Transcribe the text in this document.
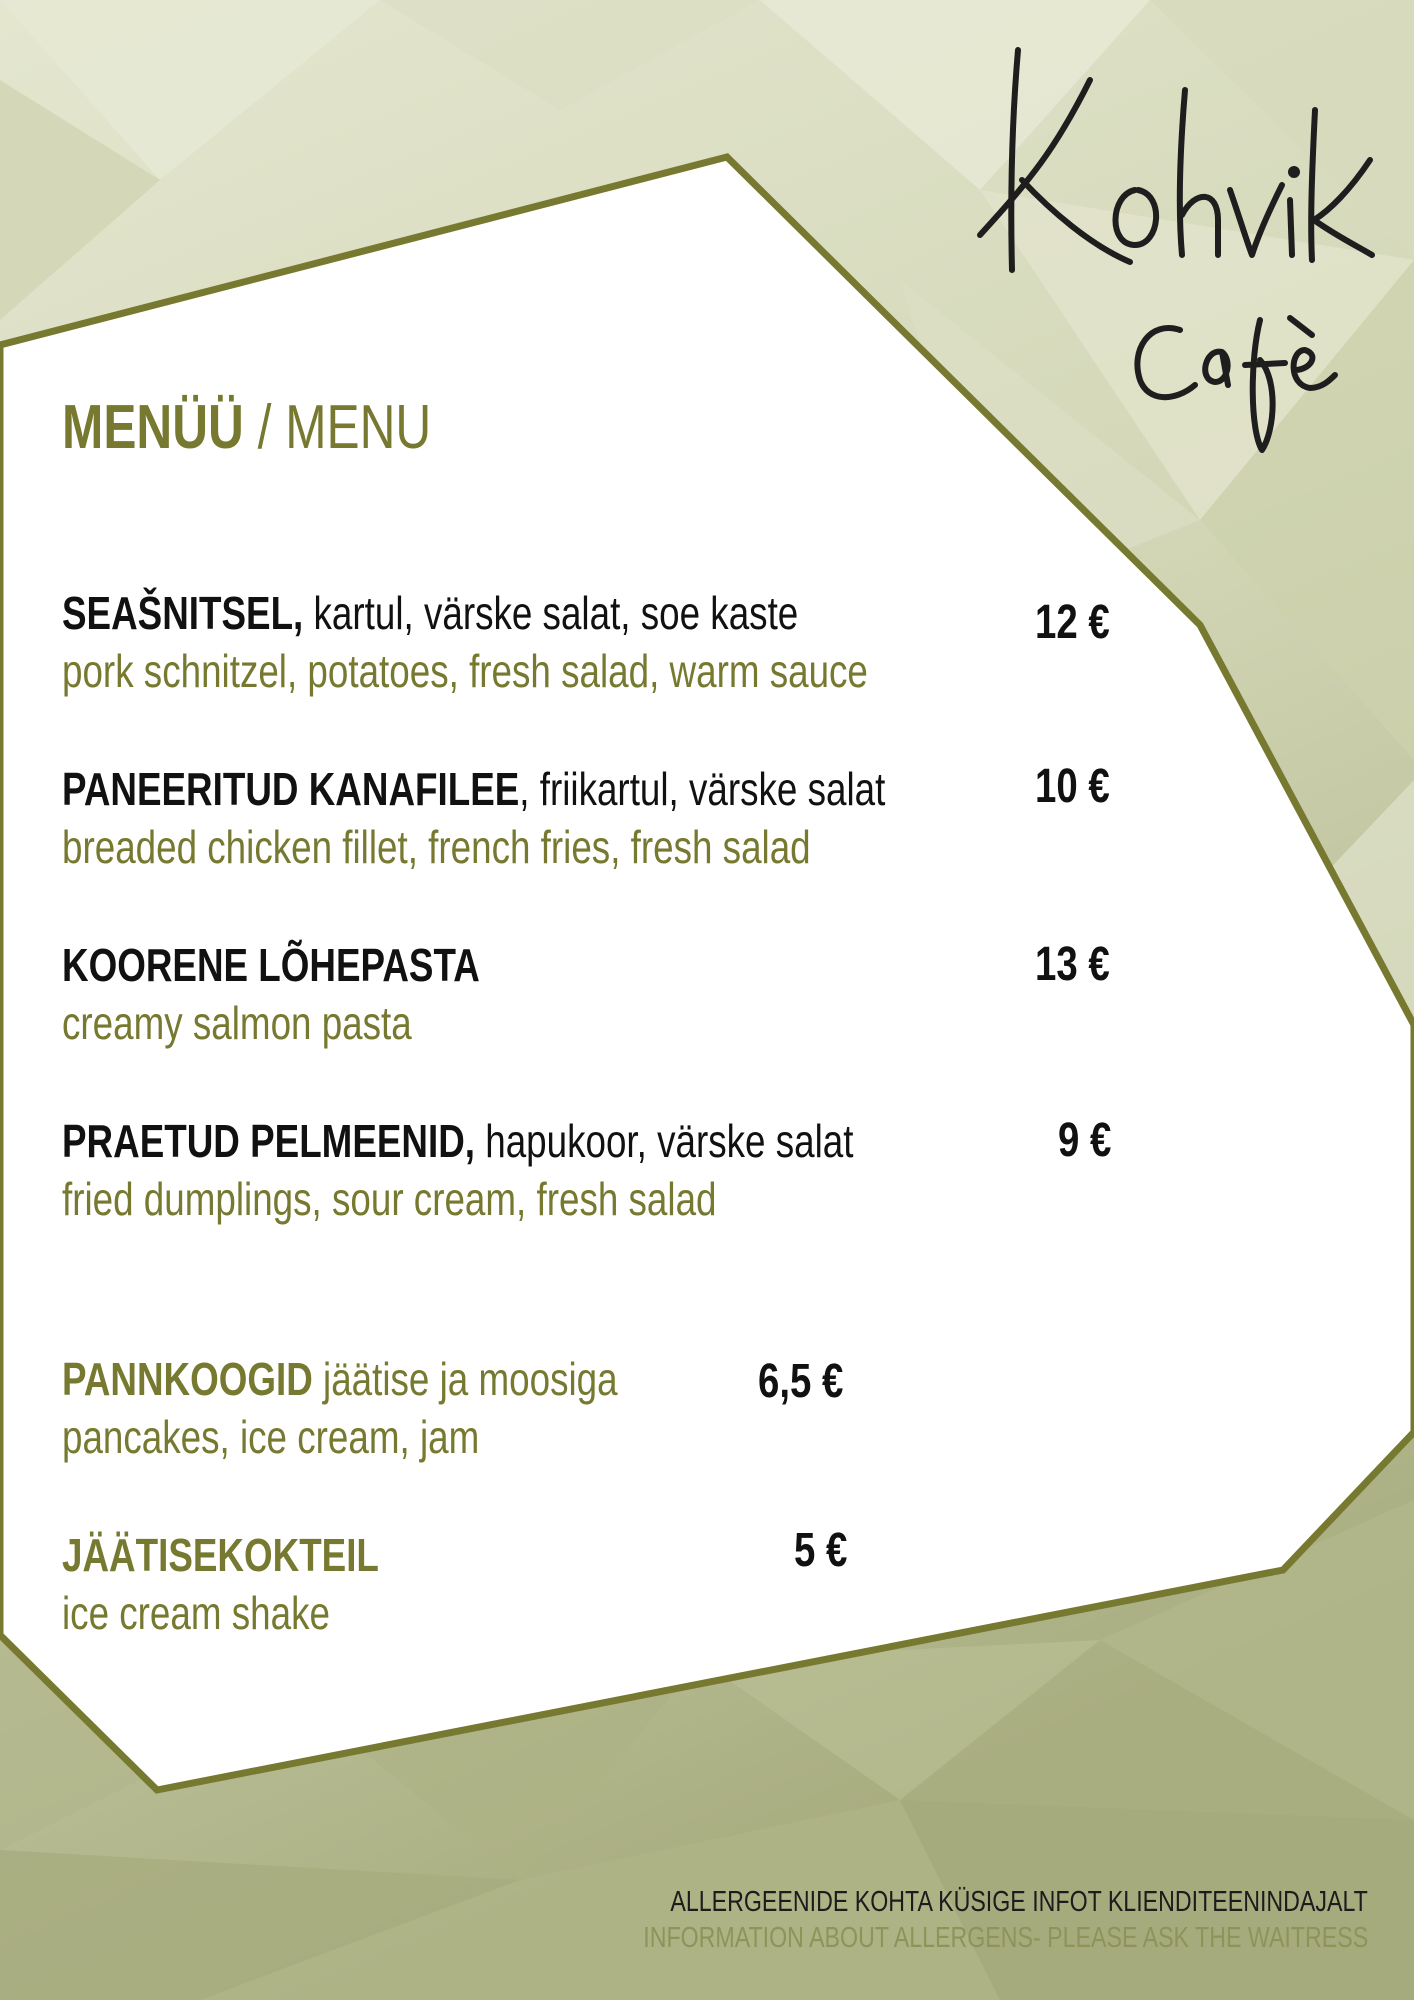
MENÜÜ / MENU
SEAŠNITSEL, kartul, värske salat, soe kaste
pork schnitzel, potatoes, fresh salad, warm sauce
12 €
PANEERITUD KANAFILEE, friikartul, värske salat
breaded chicken fillet, french fries, fresh salad
10 €
KOORENE LÕHEPASTA
creamy salmon pasta
13 €
PRAETUD PELMEENID, hapukoor, värske salat
fried dumplings, sour cream, fresh salad
9 €
PANNKOOGID jäätise ja moosiga
pancakes, ice cream, jam
6,5 €
JÄÄTISEKOKTEIL
ice cream shake
5 €
ALLERGEENIDE KOHTA KÜSIGE INFOT KLIENDITEENINDAJALT
INFORMATION ABOUT ALLERGENS- PLEASE ASK THE WAITRESS
